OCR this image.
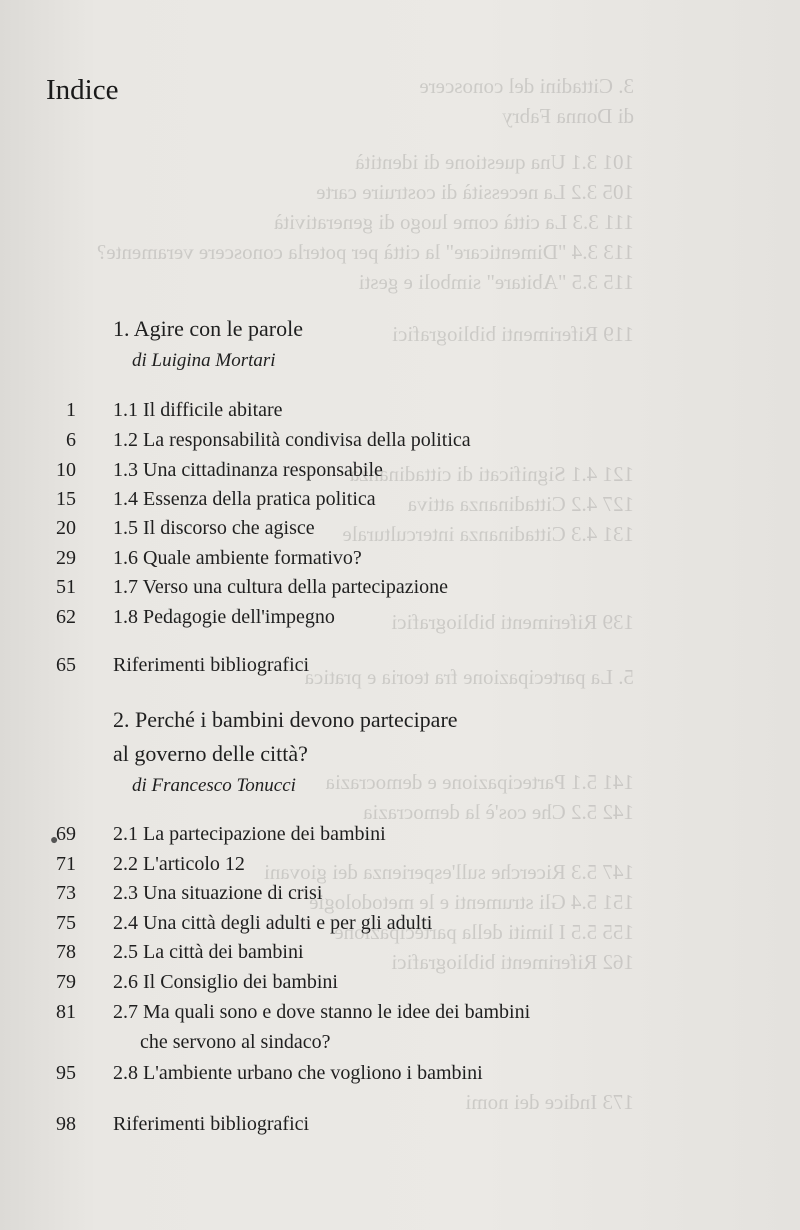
3. Cittadini del conoscere
di Donna Fabry
101 3.1 Una questione di identità
105 3.2 La necessità di costruire carte
111 3.3 La città come luogo di generatività
113 3.4 "Dimenticare" la città per poterla conoscere veramente?
115 3.5 "Abitare" simboli e gesti
119 Riferimenti bibliografici
121 4.1 Significati di cittadinanza
127 4.2 Cittadinanza attiva
131 4.3 Cittadinanza interculturale
139 Riferimenti bibliografici
5. La partecipazione fra teoria e pratica
141 5.1 Partecipazione e democrazia
142 5.2 Che cos'è la democrazia
147 5.3 Ricerche sull'esperienza dei giovani
151 5.4 Gli strumenti e le metodologie
155 5.5 I limiti della partecipazione
162 Riferimenti bibliografici
173 Indice dei nomi
Indice
1. Agire con le parole
di Luigina Mortari
1 1.1 Il difficile abitare
6 1.2 La responsabilità condivisa della politica
10 1.3 Una cittadinanza responsabile
15 1.4 Essenza della pratica politica
20 1.5 Il discorso che agisce
29 1.6 Quale ambiente formativo?
51 1.7 Verso una cultura della partecipazione
62 1.8 Pedagogie dell'impegno
65 Riferimenti bibliografici
2. Perché i bambini devono partecipare
al governo delle città?
di Francesco Tonucci
●
69 2.1 La partecipazione dei bambini
71 2.2 L'articolo 12
73 2.3 Una situazione di crisi
75 2.4 Una città degli adulti e per gli adulti
78 2.5 La città dei bambini
79 2.6 Il Consiglio dei bambini
81 2.7 Ma quali sono e dove stanno le idee dei bambini
che servono al sindaco?
95 2.8 L'ambiente urbano che vogliono i bambini
98 Riferimenti bibliografici
